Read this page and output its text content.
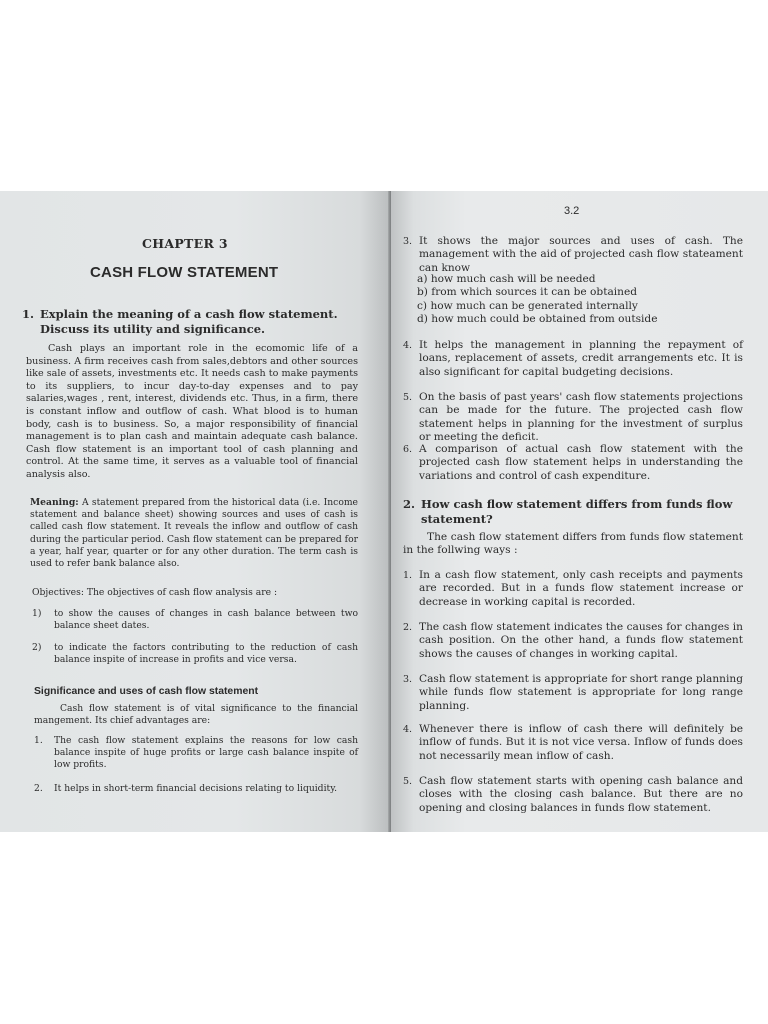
CHAPTER 3
CASH FLOW STATEMENT
1. Explain the meaning of a cash flow statement. Discuss its utility and significance.
Cash plays an important role in the ecomomic life of a business. A firm receives cash from sales,debtors and other sources like sale of assets, investments etc. It needs cash to make payments to its suppliers, to incur day-to-day expenses and to pay salaries,wages , rent, interest, dividends etc. Thus, in a firm, there is constant inflow and outflow of cash. What blood is to human body, cash is to business. So, a major responsibility of financial management is to plan cash and maintain adequate cash balance. Cash flow statement is an important tool of cash planning and control. At the same time, it serves as a valuable tool of financial analysis also.
Meaning: A statement prepared from the historical data (i.e. Income statement and balance sheet) showing sources and uses of cash is called cash flow statement. It reveals the inflow and outflow of cash during the particular period. Cash flow statement can be prepared for a year, half year, quarter or for any other duration. The term cash is used to refer bank balance also.
Objectives: The objectives of cash flow analysis are :
1) to show the causes of changes in cash balance between two balance sheet dates.
2) to indicate the factors contributing to the reduction of cash balance inspite of increase in profits and vice versa.
Significance and uses of cash flow statement
Cash flow statement is of vital significance to the financial mangement. Its chief advantages are:
1. The cash flow statement explains the reasons for low cash balance inspite of huge profits or large cash balance inspite of low profits.
2. It helps in short-term financial decisions relating to liquidity.
3.2
3. It shows the major sources and uses of cash. The management with the aid of projected cash flow stateament can know
a) how much cash will be needed
b) from which sources it can be obtained
c) how much can be generated internally
d) how much could be obtained from outside
4. It helps the management in planning the repayment of loans, replacement of assets, credit arrangements etc. It is also significant for capital budgeting decisions.
5. On the basis of past years' cash flow statements projections can be made for the future. The projected cash flow statement helps in planning for the investment of surplus or meeting the deficit.
6. A comparison of actual cash flow statement with the projected cash flow statement helps in understanding the variations and control of cash expenditure.
2. How cash flow statement differs from funds flow statement?
The cash flow statement differs from funds flow statement in the follwing ways :
1. In a cash flow statement, only cash receipts and payments are recorded. But in a funds flow statement increase or decrease in working capital is recorded.
2. The cash flow statement indicates the causes for changes in cash position. On the other hand, a funds flow statement shows the causes of changes in working capital.
3. Cash flow statement is appropriate for short range planning while funds flow statement is appropriate for long range planning.
4. Whenever there is inflow of cash there will definitely be inflow of funds. But it is not vice versa. Inflow of funds does not necessarily mean inflow of cash.
5. Cash flow statement starts with opening cash balance and closes with the closing cash balance. But there are no opening and closing balances in funds flow statement.
